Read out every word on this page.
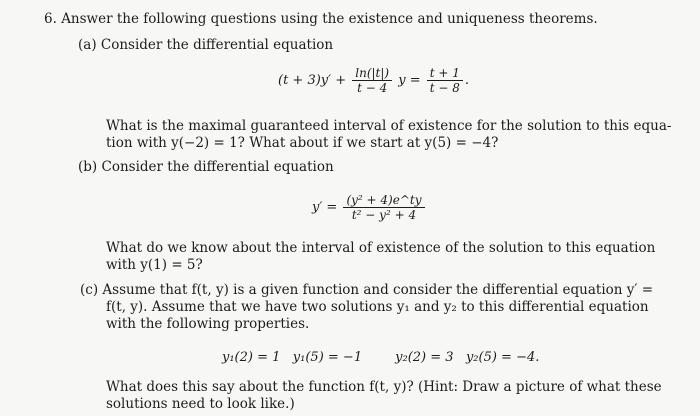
6. Answer the following questions using the existence and uniqueness theorems.
(a) Consider the differential equation
$(t + 3)y' + \frac{\ln(|t|)}{t - 4}$ $y = \frac{t + 1}{t - 8}$ .
What is the maximal guaranteed interval of existence for the solution to this equa-
tion with y(−2) = 1? What about if we start at y(5) = −4?
(b) Consider the differential equation
$y' = \frac{\text{(y² + 4)e\textasciicircum{}ty}}{\text{t² − y² + 4}}$
What do we know about the interval of existence of the solution to this equation
with y(1) = 5?
(c) Assume that f(t, y) is a given function and consider the differential equation y′ =
f(t, y). Assume that we have two solutions y₁ and y₂ to this differential equation
with the following properties.
y₁(2) = 1   y₁(5) = −1        y₂(2) = 3   y₂(5) = −4.
What does this say about the function f(t, y)? (Hint: Draw a picture of what these
solutions need to look like.)
